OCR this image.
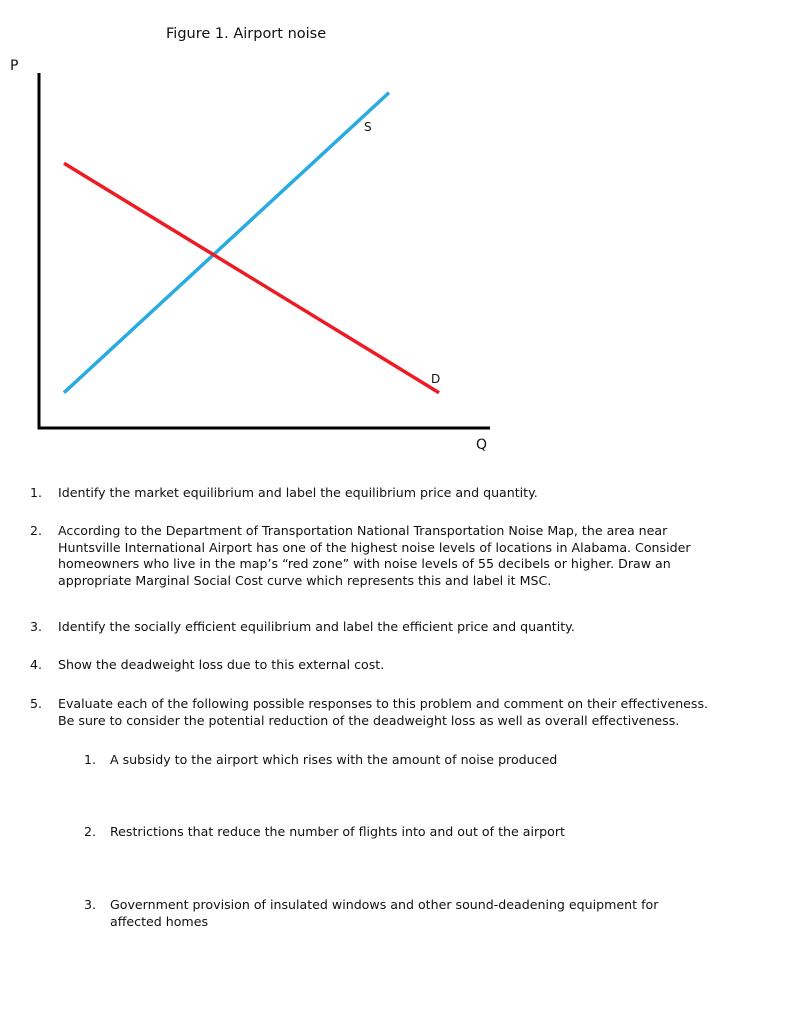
Figure 1. Airport noise
P
Q
S
D
1.	Identify the market equilibrium and label the equilibrium price and quantity.
2.	According to the Department of Transportation National Transportation Noise Map, the area near Huntsville International Airport has one of the highest noise levels of locations in Alabama. Consider homeowners who live in the map’s “red zone” with noise levels of 55 decibels or higher. Draw an appropriate Marginal Social Cost curve which represents this and label it MSC.
3.	Identify the socially efficient equilibrium and label the efficient price and quantity.
4.	Show the deadweight loss due to this external cost.
5.	Evaluate each of the following possible responses to this problem and comment on their effectiveness. Be sure to consider the potential reduction of the deadweight loss as well as overall effectiveness.
1.	A subsidy to the airport which rises with the amount of noise produced
2.	Restrictions that reduce the number of flights into and out of the airport
3.	Government provision of insulated windows and other sound-deadening equipment for affected homes
